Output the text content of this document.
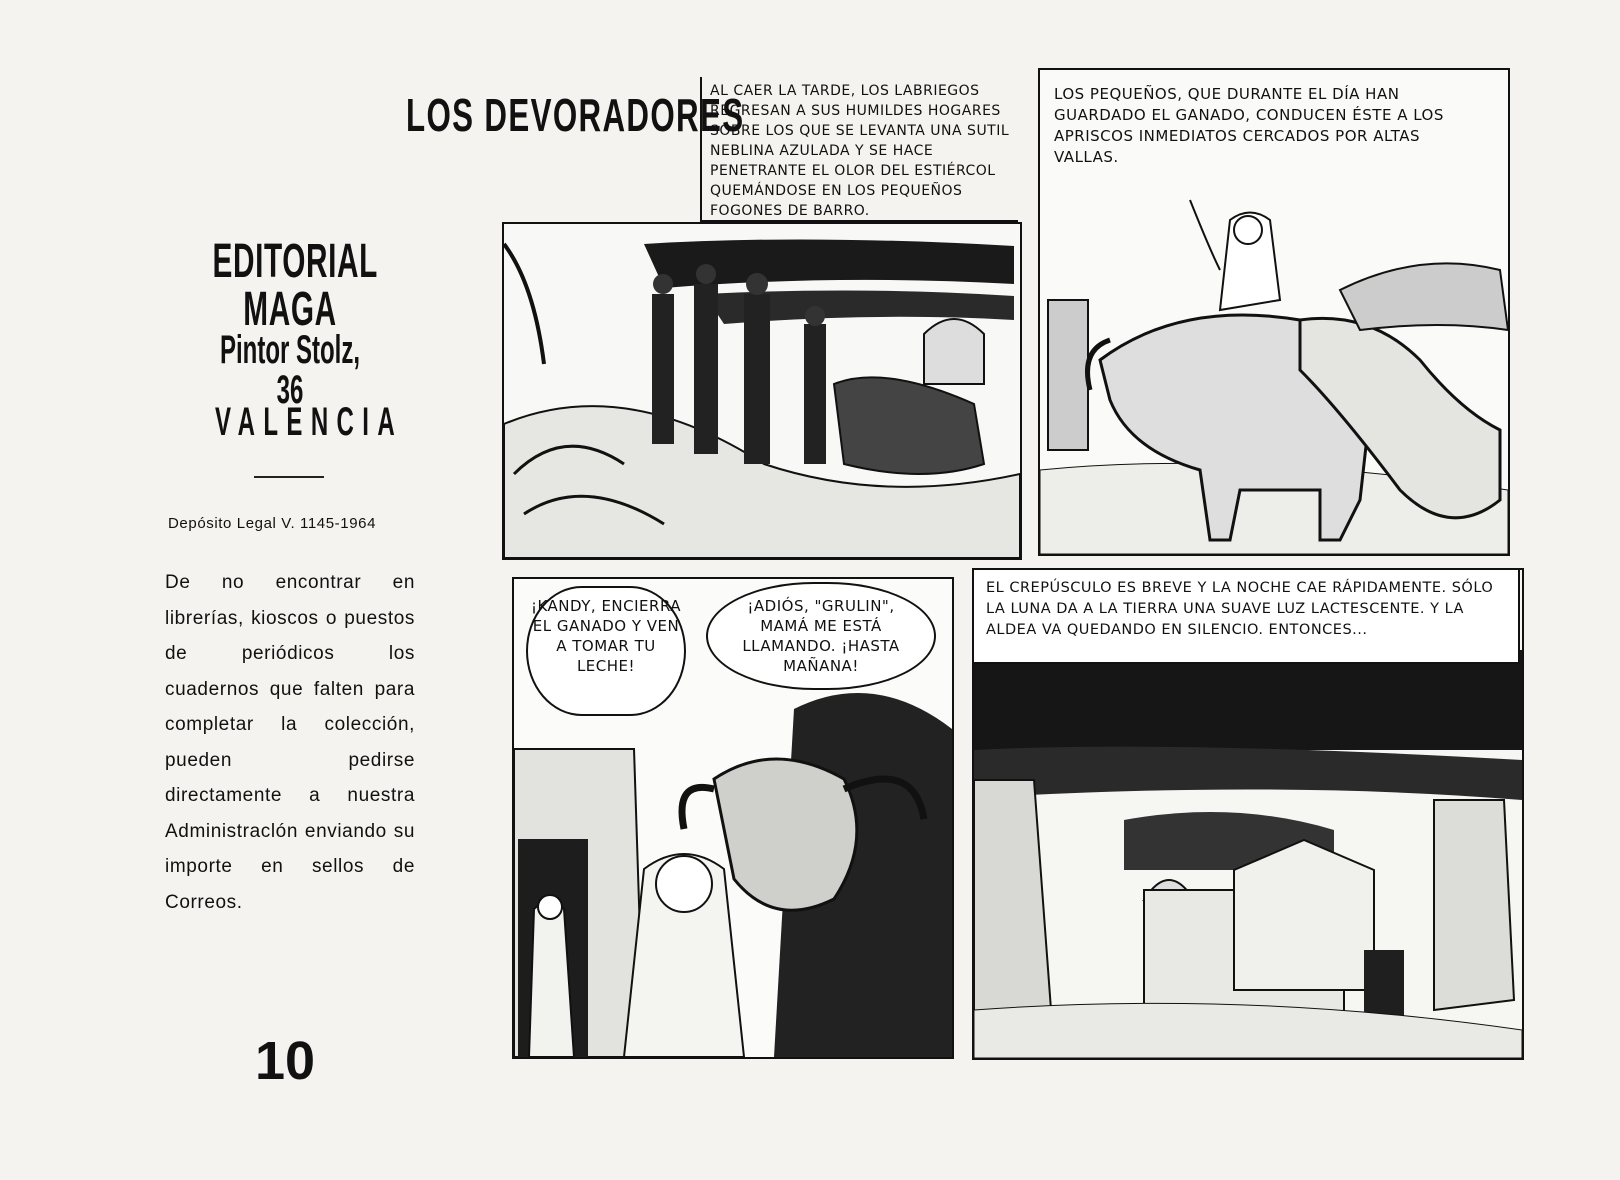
EDITORIAL MAGA
Pintor Stolz, 36
VALENCIA
Depósito Legal V. 1145-1964
De no encontrar en librerías, kioscos o puestos de periódicos los cuadernos que falten para completar la colección, pueden pedirse directamente a nuestra Administraclón enviando su importe en sellos de Correos.
10
LOS DEVORADORES
AL CAER LA TARDE, LOS LABRIEGOS REGRESAN A SUS HUMILDES HOGARES SOBRE LOS QUE SE LEVANTA UNA SUTIL NEBLINA AZULADA Y SE HACE PENETRANTE EL OLOR DEL ESTIÉRCOL QUEMÁNDOSE EN LOS PEQUEÑOS FOGONES DE BARRO.
LOS PEQUEÑOS, QUE DURANTE EL DÍA HAN GUARDADO EL GANADO, CONDUCEN ÉSTE A LOS APRISCOS INMEDIATOS CERCADOS POR ALTAS VALLAS.
¡KANDY, ENCIERRA EL GANADO Y VEN A TOMAR TU LECHE!
¡ADIÓS, "GRULIN", MAMÁ ME ESTÁ LLAMANDO. ¡HASTA MAÑANA!
EL CREPÚSCULO ES BREVE Y LA NOCHE CAE RÁPIDAMENTE. SÓLO LA LUNA DA A LA TIERRA UNA SUAVE LUZ LACTESCENTE. Y LA ALDEA VA QUEDANDO EN SILENCIO. ENTONCES...
